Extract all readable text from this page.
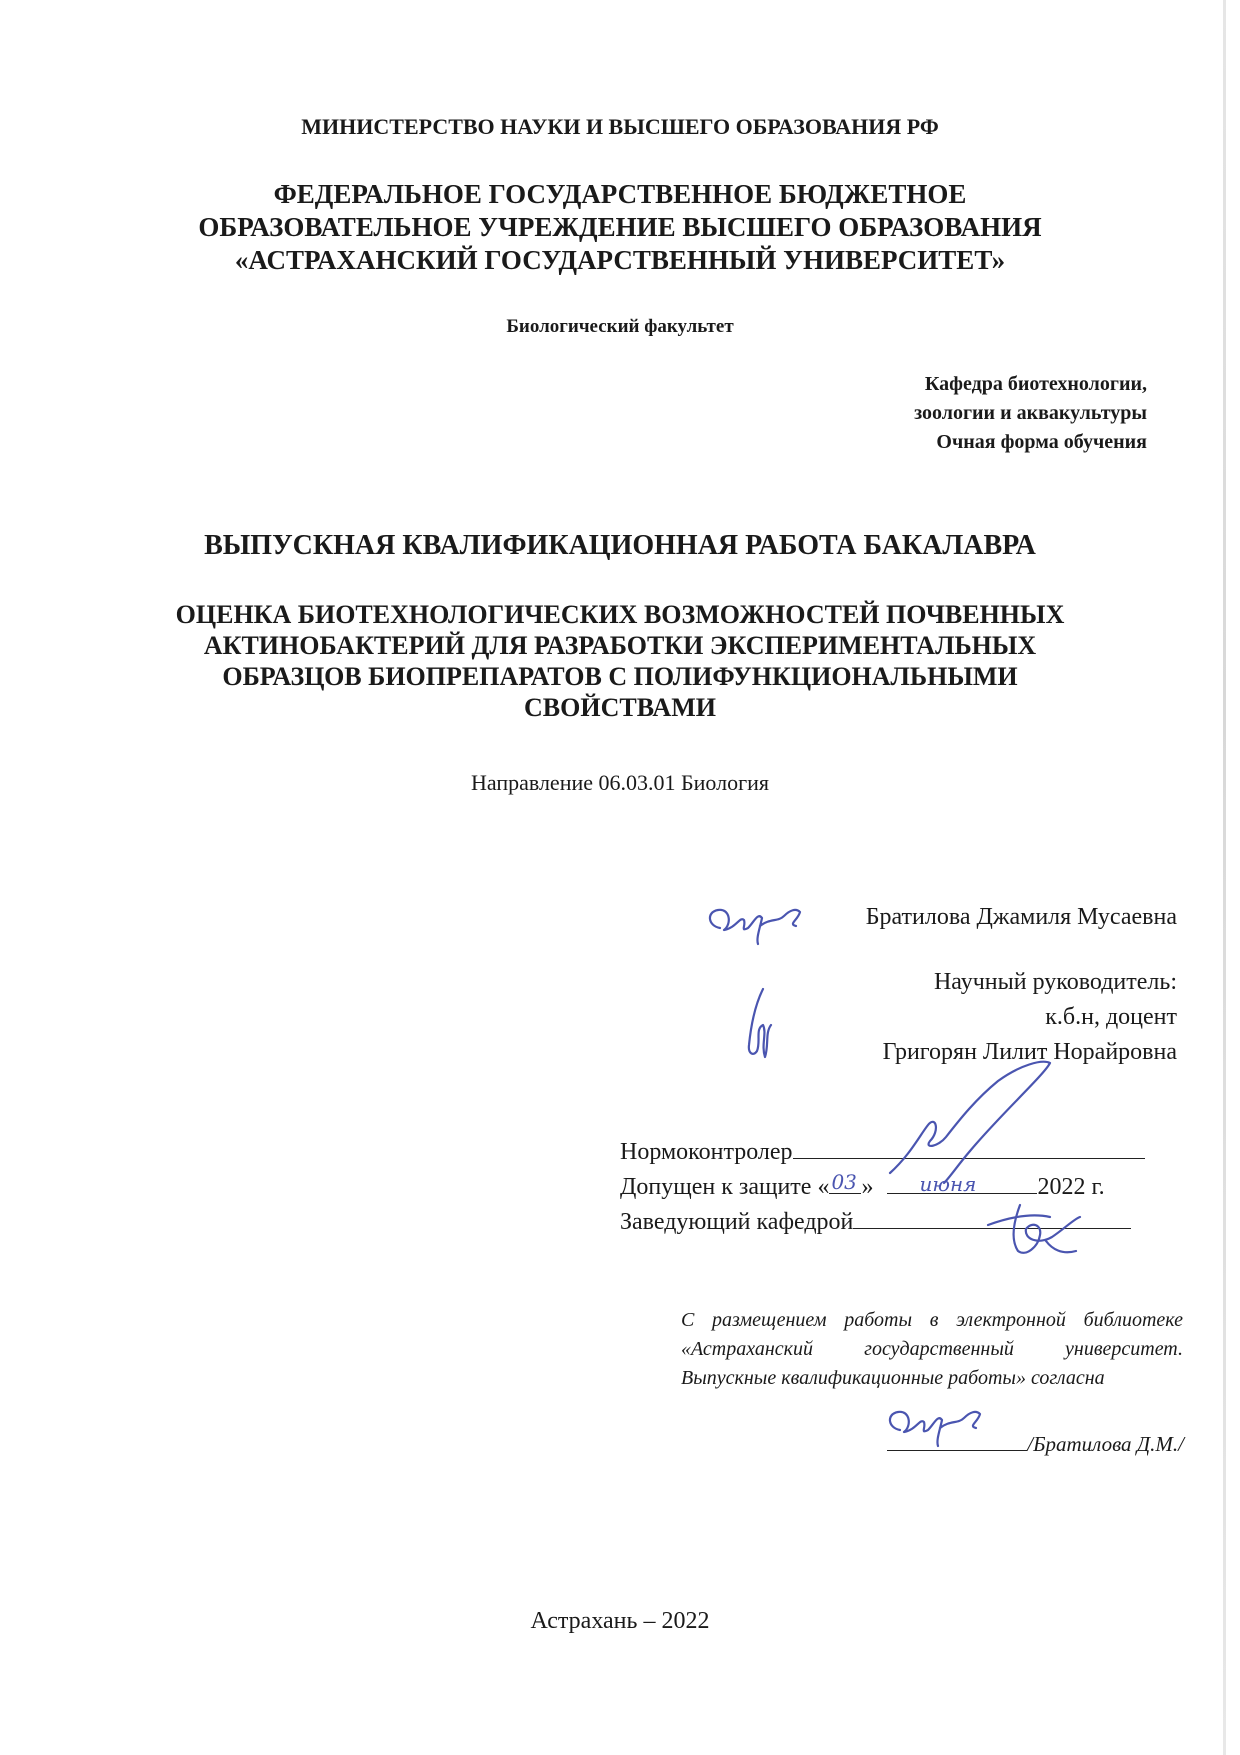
МИНИСТЕРСТВО НАУКИ И ВЫСШЕГО ОБРАЗОВАНИЯ РФ
ФЕДЕРАЛЬНОЕ ГОСУДАРСТВЕННОЕ БЮДЖЕТНОЕ
ОБРАЗОВАТЕЛЬНОЕ УЧРЕЖДЕНИЕ ВЫСШЕГО ОБРАЗОВАНИЯ
«АСТРАХАНСКИЙ ГОСУДАРСТВЕННЫЙ УНИВЕРСИТЕТ»
Биологический факультет
Кафедра биотехнологии,
зоологии и аквакультуры
Очная форма обучения
ВЫПУСКНАЯ КВАЛИФИКАЦИОННАЯ РАБОТА БАКАЛАВРА
ОЦЕНКА БИОТЕХНОЛОГИЧЕСКИХ ВОЗМОЖНОСТЕЙ ПОЧВЕННЫХ
АКТИНОБАКТЕРИЙ ДЛЯ РАЗРАБОТКИ ЭКСПЕРИМЕНТАЛЬНЫХ
ОБРАЗЦОВ БИОПРЕПАРАТОВ С ПОЛИФУНКЦИОНАЛЬНЫМИ
СВОЙСТВАМИ
Направление 06.03.01 Биология
Братилова Джамиля Мусаевна
Научный руководитель:
к.б.н, доцент
Григорян Лилит Норайровна
Нормоконтролер
Допущен к защите « 03 » июня	2022 г.
Заведующий кафедрой
С размещением работы в электронной библиотеке «Астраханский государственный университет. Выпускные квалификационные работы» согласна
/Братилова Д.М./
Астрахань – 2022
